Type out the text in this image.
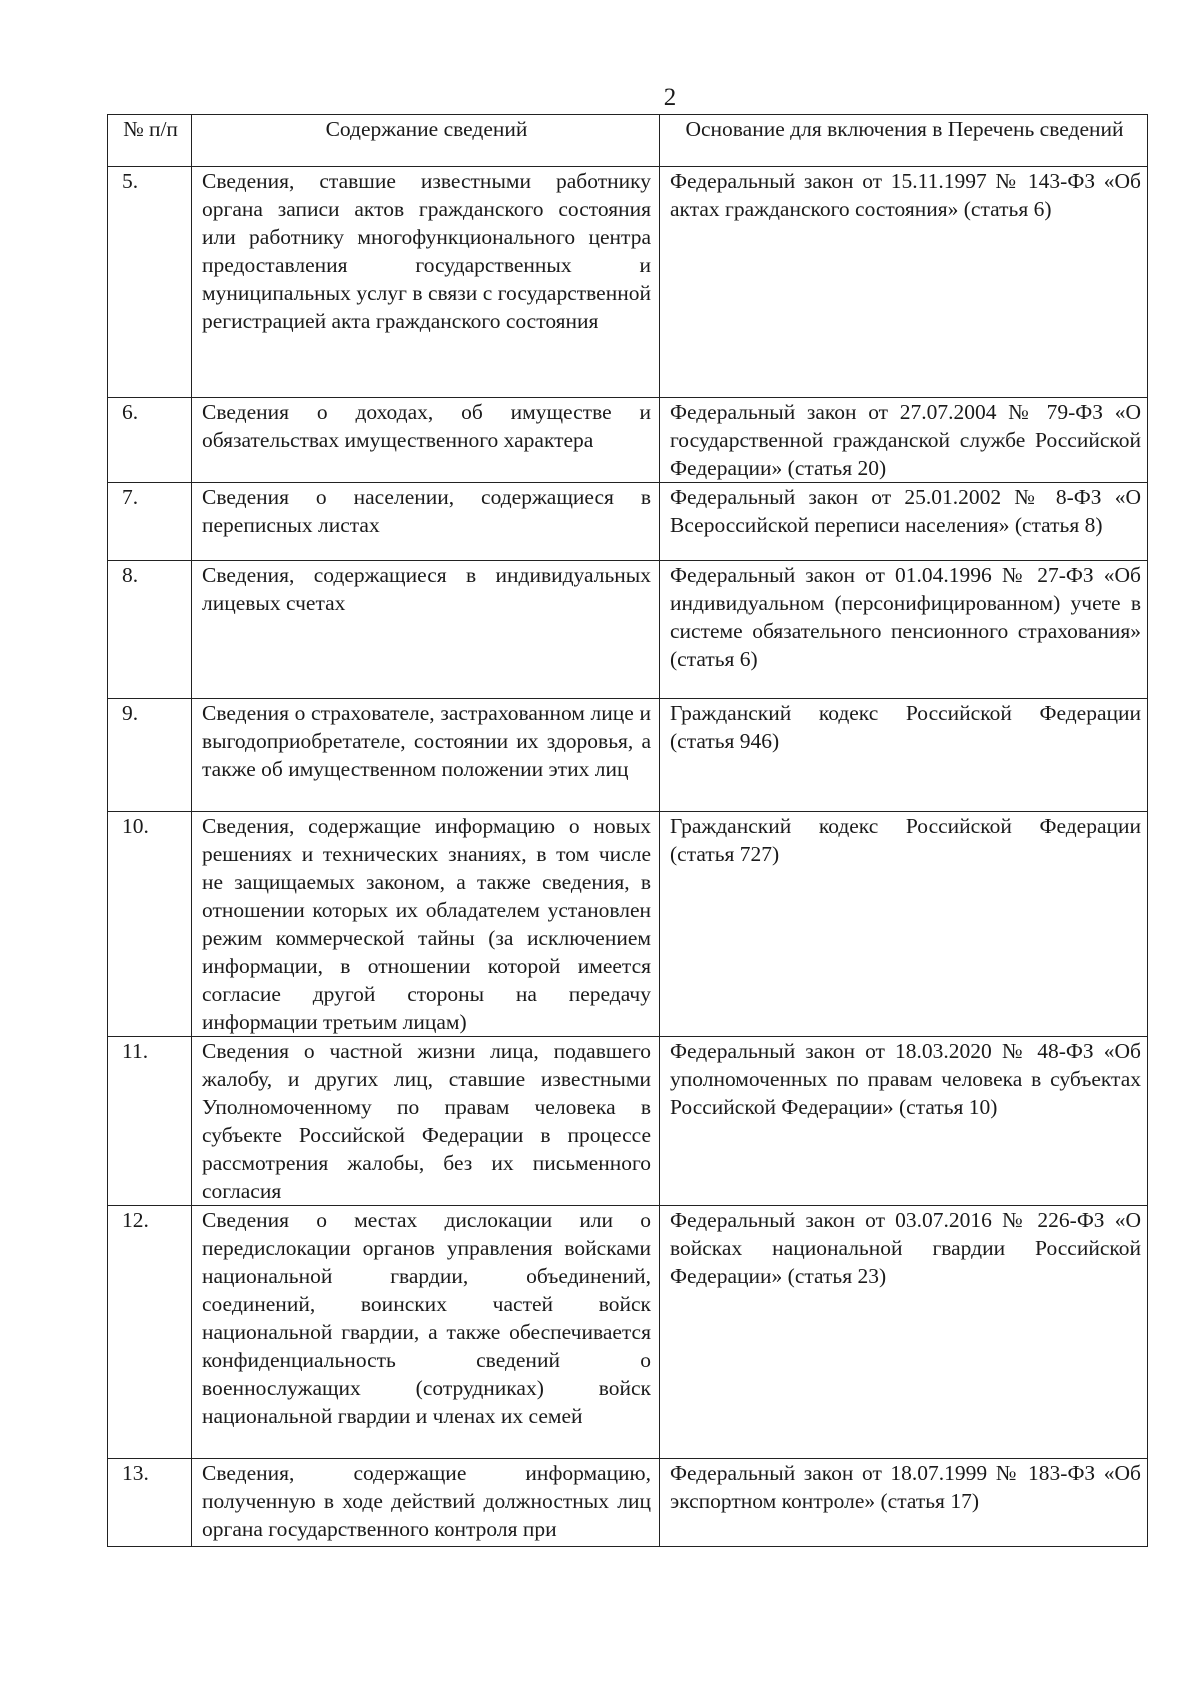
2
№ п/п	Содержание сведений	Основание для включения в Перечень сведений
5.	Сведения, ставшие известными работнику органа записи актов гражданского состояния или работнику многофункционального центра предоставления государственных и муниципальных услуг в связи с государственной регистрацией акта гражданского состояния	Федеральный закон от 15.11.1997 № 143-ФЗ «Об актах гражданского состояния» (статья 6)
6.	Сведения о доходах, об имуществе и обязательствах имущественного характера	Федеральный закон от 27.07.2004 № 79-ФЗ «О государственной гражданской службе Российской Федерации» (статья 20)
7.	Сведения о населении, содержащиеся в переписных листах	Федеральный закон от 25.01.2002 № 8-ФЗ «О Всероссийской переписи населения» (статья 8)
8.	Сведения, содержащиеся в индивидуальных лицевых счетах	Федеральный закон от 01.04.1996 № 27-ФЗ «Об индивидуальном (персонифицированном) учете в системе обязательного пенсионного страхования» (статья 6)
9.	Сведения о страхователе, застрахованном лице и выгодоприобретателе, состоянии их здоровья, а также об имущественном положении этих лиц	Гражданский кодекс Российской Федерации (статья 946)
10.	Сведения, содержащие информацию о новых решениях и технических знаниях, в том числе не защищаемых законом, а также сведения, в отношении которых их обладателем установлен режим коммерческой тайны (за исключением информации, в отношении которой имеется согласие другой стороны на передачу информации третьим лицам)	Гражданский кодекс Российской Федерации (статья 727)
11.	Сведения о частной жизни лица, подавшего жалобу, и других лиц, ставшие известными Уполномоченному по правам человека в субъекте Российской Федерации в процессе рассмотрения жалобы, без их письменного согласия	Федеральный закон от 18.03.2020 № 48-ФЗ «Об уполномоченных по правам человека в субъектах Российской Федерации» (статья 10)
12.	Сведения о местах дислокации или о передислокации органов управления войсками национальной гвардии, объединений, соединений, воинских частей войск национальной гвардии, а также обеспечивается конфиденциальность сведений о военнослужащих (сотрудниках) войск национальной гвардии и членах их семей	Федеральный закон от 03.07.2016 № 226-ФЗ «О войсках национальной гвардии Российской Федерации» (статья 23)
13.	Сведения, содержащие информацию, полученную в ходе действий должностных лиц органа государственного контроля при	Федеральный закон от 18.07.1999 № 183-ФЗ «Об экспортном контроле» (статья 17)
